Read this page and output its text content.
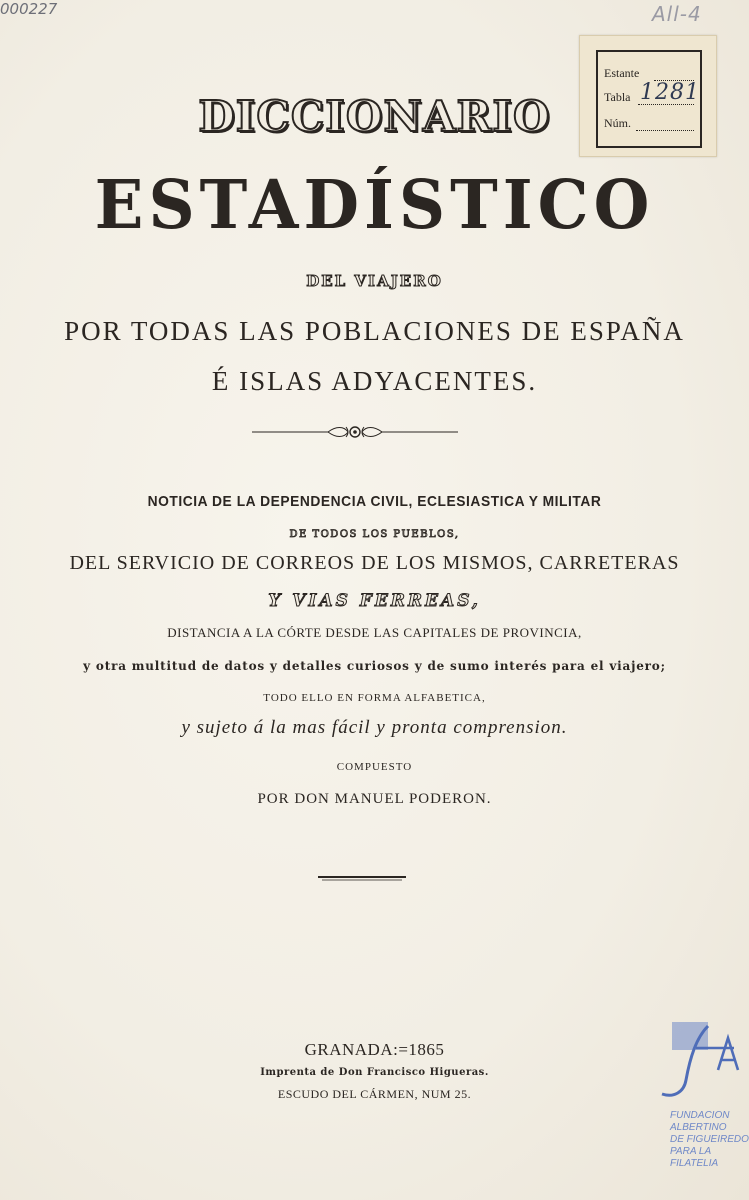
000227	All-4

Estante
Tabla 1281
Núm.
DICCIONARIO
ESTADÍSTICO

DEL VIAJERO

POR TODAS LAS POBLACIONES DE ESPAÑA

É ISLAS ADYACENTES.

NOTICIA DE LA DEPENDENCIA CIVIL, ECLESIASTICA Y MILITAR

DE TODOS LOS PUEBLOS,

DEL SERVICIO DE CORREOS DE LOS MISMOS, CARRETERAS

Y VIAS FERREAS,

DISTANCIA A LA CÓRTE DESDE LAS CAPITALES DE PROVINCIA,

y otra multitud de datos y detalles curiosos y de sumo interés para el viajero;

TODO ELLO EN FORMA ALFABETICA,

y sujeto á la mas fácil y pronta comprension.

COMPUESTO

POR DON MANUEL PODERON.

GRANADA:=1865

Imprenta de Don Francisco Higueras.

ESCUDO DEL CÁRMEN, NUM 25.

FA
FUNDACION
ALBERTINO
DE FIGUEIREDO
PARA LA
FILATELIA
